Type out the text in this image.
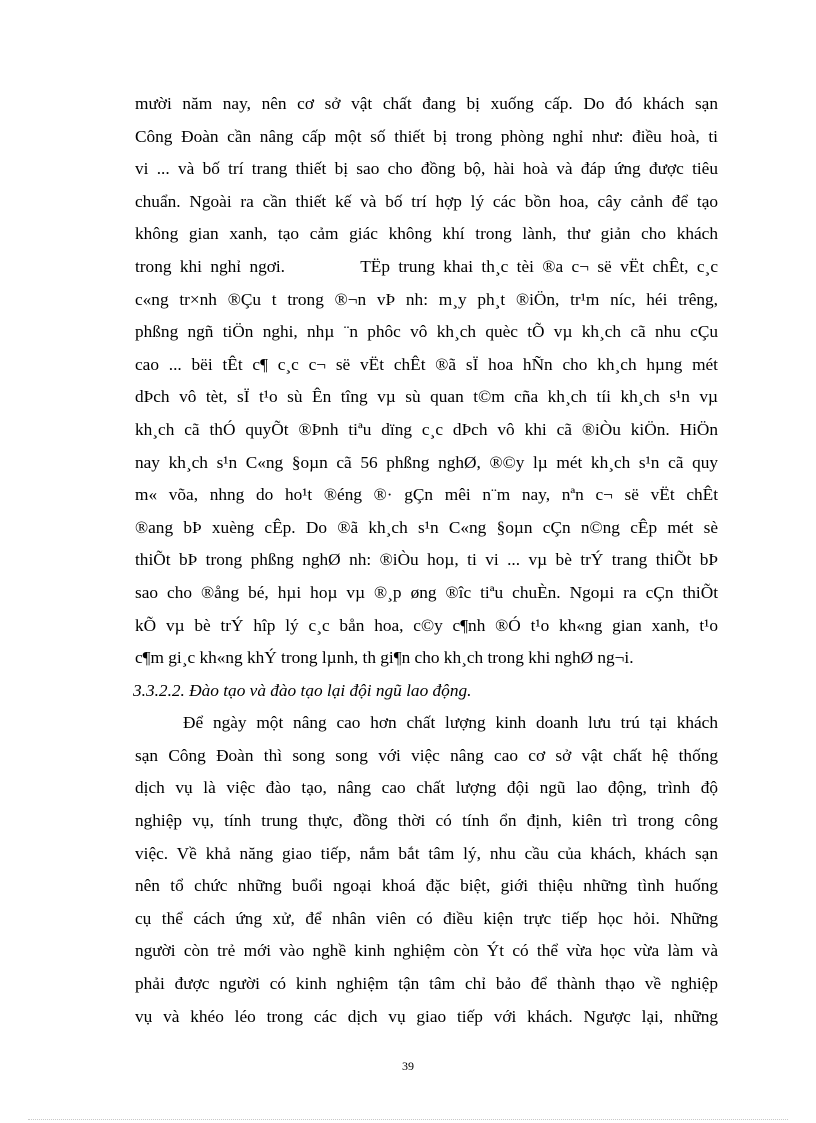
mười năm nay, nên cơ sở vật chất đang bị xuống cấp. Do đó khách sạn
Công Đoàn cần nâng cấp một số thiết bị trong phòng nghỉ như: điều hoà, ti
vi ... và bố trí trang thiết bị sao cho đồng bộ, hài hoà và đáp ứng được tiêu
chuẩn. Ngoài ra cần thiết kế và bố trí hợp lý các bồn hoa, cây cảnh để tạo
không gian xanh, tạo cảm giác không khí trong lành, thư giản cho khách
trong khi nghỉ ngơi.         TËp trung khai th¸c tèi ®a c¬ së vËt chÊt, c¸c
c«ng tr×nh ®Çu t trong ®¬n vÞ nh: m¸y ph¸t ®iÖn, tr¹m níc, héi trêng,
phßng ngñ tiÖn nghi, nhµ ¨n phôc vô kh¸ch quèc tÕ vµ kh¸ch cã nhu cÇu
cao ... bëi tÊt c¶ c¸c c¬ së vËt chÊt ®ã sÏ hoa hÑn cho kh¸ch hµng mét
dÞch vô tèt, sÏ t¹o sù Ên tîng vµ sù quan t©m cña kh¸ch tíi kh¸ch s¹n vµ
kh¸ch cã thÓ quyÕt ®Þnh tiªu dïng c¸c dÞch vô khi cã ®iÒu kiÖn. HiÖn
nay kh¸ch s¹n C«ng §oµn cã 56 phßng nghØ, ®©y lµ mét kh¸ch s¹n cã quy
m« võa, nhng do ho¹t ®éng ®· gÇn mêi n¨m nay, nªn c¬ së vËt chÊt
®ang bÞ xuèng cÊp. Do ®ã kh¸ch s¹n C«ng §oµn cÇn n©ng cÊp mét sè
thiÕt bÞ trong phßng nghØ nh: ®iÒu hoµ, ti vi ... vµ bè trÝ trang thiÕt bÞ
sao cho ®ång bé, hµi hoµ vµ ®¸p øng ®îc tiªu chuÈn. Ngoµi ra cÇn thiÕt
kÕ vµ bè trÝ hîp lý c¸c bån hoa, c©y c¶nh ®Ó t¹o kh«ng gian xanh, t¹o
c¶m gi¸c kh«ng khÝ trong lµnh, th gi¶n cho kh¸ch trong khi nghØ ng¬i.
3.3.2.2. Đào tạo và đào tạo lại đội ngũ lao động.
Để ngày một nâng cao hơn chất lượng kinh doanh lưu trú tại khách
sạn Công Đoàn thì song song với việc nâng cao cơ sở vật chất hệ thống
dịch vụ là việc đào tạo, nâng cao chất lượng đội ngũ lao động, trình độ
nghiệp vụ, tính trung thực, đồng thời có tính ổn định, kiên trì trong công
việc. Về khả năng giao tiếp, nắm bắt tâm lý, nhu cầu của khách, khách sạn
nên tổ chức những buổi ngoại khoá đặc biệt, giới thiệu những tình huống
cụ thể cách ứng xử, để nhân viên có điều kiện trực tiếp học hỏi. Những
người còn trẻ mới vào nghề kinh nghiệm còn Ýt có thể vừa học vừa làm và
phải được người có kinh nghiệm tận tâm chỉ bảo để thành thạo về nghiệp
vụ và khéo léo trong các dịch vụ giao tiếp với khách. Ngược lại, những
39
